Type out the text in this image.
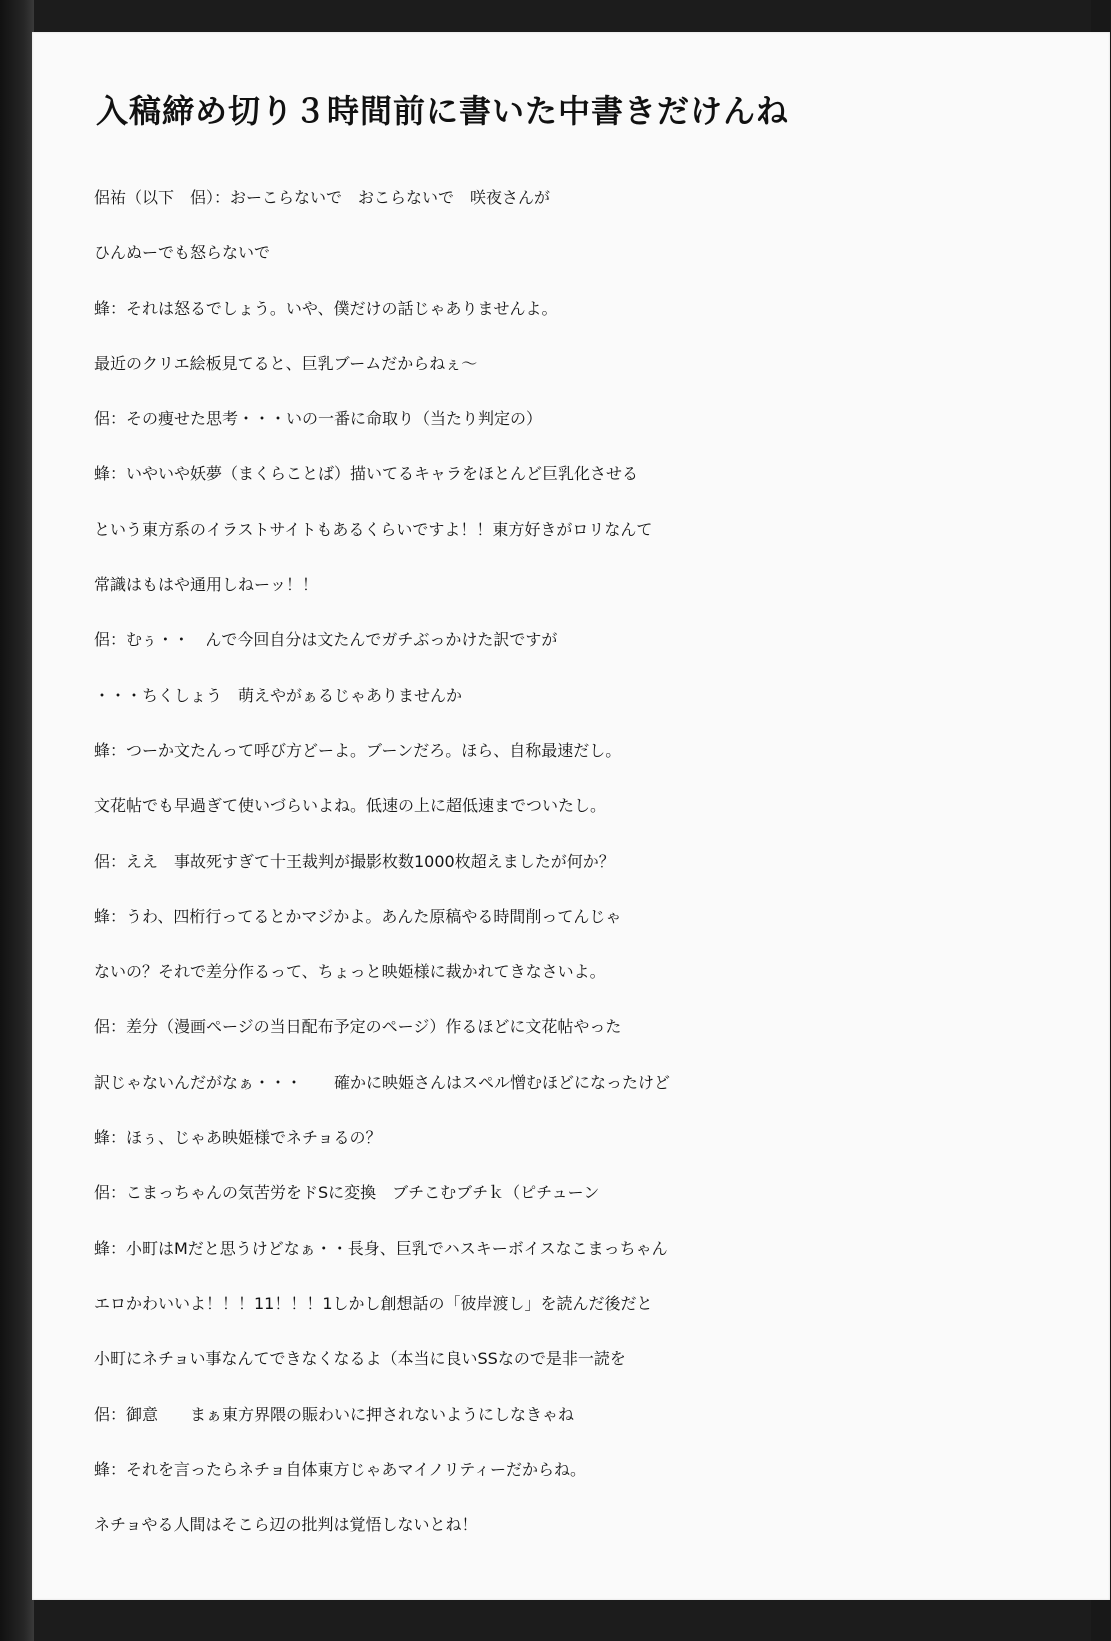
入稿締め切り３時間前に書いた中書きだけんね
侶祐（以下　侶）：おーこらないで　おこらないで　咲夜さんが
ひんぬーでも怒らないで
蜂：それは怒るでしょう。いや、僕だけの話じゃありませんよ。
最近のクリエ絵板見てると、巨乳ブームだからねぇ～
侶：その痩せた思考・・・いの一番に命取り（当たり判定の）
蜂：いやいや妖夢（まくらことば）描いてるキャラをほとんど巨乳化させる
という東方系のイラストサイトもあるくらいですよ！！東方好きがロリなんて
常識はもはや通用しねーッ！！
侶：むぅ・・　んで今回自分は文たんでガチぶっかけた訳ですが
・・・ちくしょう　萌えやがぁるじゃありませんか
蜂：つーか文たんって呼び方どーよ。ブーンだろ。ほら、自称最速だし。
文花帖でも早過ぎて使いづらいよね。低速の上に超低速までついたし。
侶：ええ　事故死すぎて十王裁判が撮影枚数1000枚超えましたが何か？
蜂：うわ、四桁行ってるとかマジかよ。あんた原稿やる時間削ってんじゃ
ないの？それで差分作るって、ちょっと映姫様に裁かれてきなさいよ。
侶：差分（漫画ページの当日配布予定のページ）作るほどに文花帖やった
訳じゃないんだがなぁ・・・　　確かに映姫さんはスペル憎むほどになったけど
蜂：ほぅ、じゃあ映姫様でネチョるの？
侶：こまっちゃんの気苦労をドSに変換　ブチこむブチｋ（ピチューン
蜂：小町はMだと思うけどなぁ・・長身、巨乳でハスキーボイスなこまっちゃん
エロかわいいよ！！！11！！！1しかし創想話の「彼岸渡し」を読んだ後だと
小町にネチョい事なんてできなくなるよ（本当に良いSSなので是非一読を
侶：御意　　まぁ東方界隈の賑わいに押されないようにしなきゃね
蜂：それを言ったらネチョ自体東方じゃあマイノリティーだからね。
ネチョやる人間はそこら辺の批判は覚悟しないとね！
